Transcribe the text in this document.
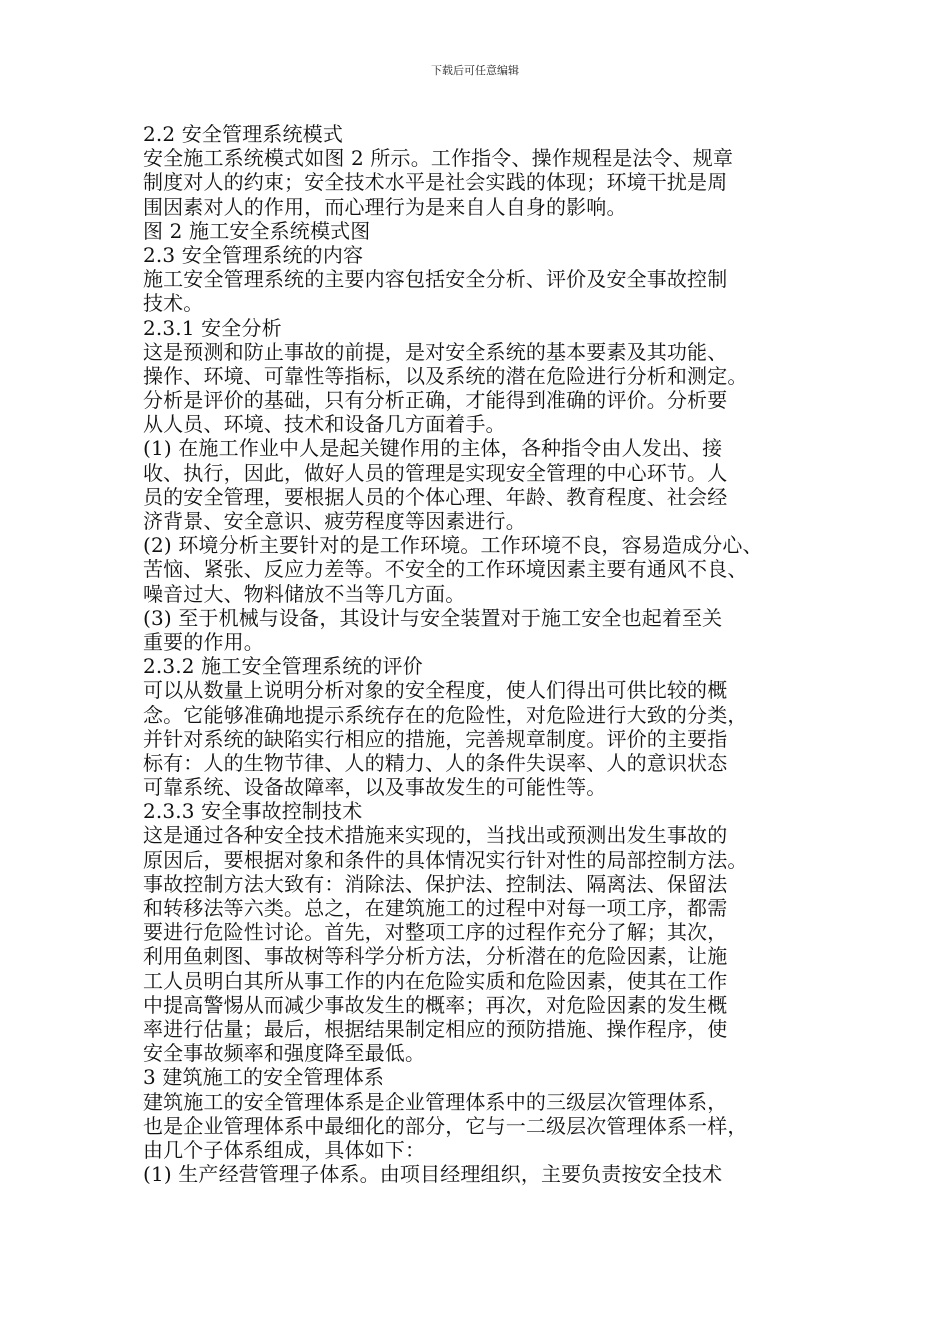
下载后可任意编辑
2.2 安全管理系统模式
安全施工系统模式如图 2 所示。工作指令、操作规程是法令、规章
制度对人的约束；安全技术水平是社会实践的体现；环境干扰是周
围因素对人的作用，而心理行为是来自人自身的影响。
图 2 施工安全系统模式图
2.3 安全管理系统的内容
施工安全管理系统的主要内容包括安全分析、评价及安全事故控制
技术。
2.3.1 安全分析
这是预测和防止事故的前提，是对安全系统的基本要素及其功能、
操作、环境、可靠性等指标，以及系统的潜在危险进行分析和测定。
分析是评价的基础，只有分析正确，才能得到准确的评价。分析要
从人员、环境、技术和设备几方面着手。
(1) 在施工作业中人是起关键作用的主体，各种指令由人发出、接
收、执行，因此，做好人员的管理是实现安全管理的中心环节。人
员的安全管理，要根据人员的个体心理、年龄、教育程度、社会经
济背景、安全意识、疲劳程度等因素进行。
(2) 环境分析主要针对的是工作环境。工作环境不良，容易造成分心、
苦恼、紧张、反应力差等。不安全的工作环境因素主要有通风不良、
噪音过大、物料储放不当等几方面。
(3) 至于机械与设备，其设计与安全装置对于施工安全也起着至关
重要的作用。
2.3.2 施工安全管理系统的评价
可以从数量上说明分析对象的安全程度，使人们得出可供比较的概
念。它能够准确地提示系统存在的危险性，对危险进行大致的分类，
并针对系统的缺陷实行相应的措施，完善规章制度。评价的主要指
标有：人的生物节律、人的精力、人的条件失误率、人的意识状态
可靠系统、设备故障率，以及事故发生的可能性等。
2.3.3 安全事故控制技术
这是通过各种安全技术措施来实现的，当找出或预测出发生事故的
原因后，要根据对象和条件的具体情况实行针对性的局部控制方法。
事故控制方法大致有：消除法、保护法、控制法、隔离法、保留法
和转移法等六类。总之，在建筑施工的过程中对每一项工序，都需
要进行危险性讨论。首先，对整项工序的过程作充分了解；其次，
利用鱼刺图、事故树等科学分析方法，分析潜在的危险因素，让施
工人员明白其所从事工作的内在危险实质和危险因素，使其在工作
中提高警惕从而减少事故发生的概率；再次，对危险因素的发生概
率进行估量；最后，根据结果制定相应的预防措施、操作程序，使
安全事故频率和强度降至最低。
3 建筑施工的安全管理体系
建筑施工的安全管理体系是企业管理体系中的三级层次管理体系，
也是企业管理体系中最细化的部分，它与一二级层次管理体系一样，
由几个子体系组成，具体如下：
(1) 生产经营管理子体系。由项目经理组织，主要负责按安全技术
